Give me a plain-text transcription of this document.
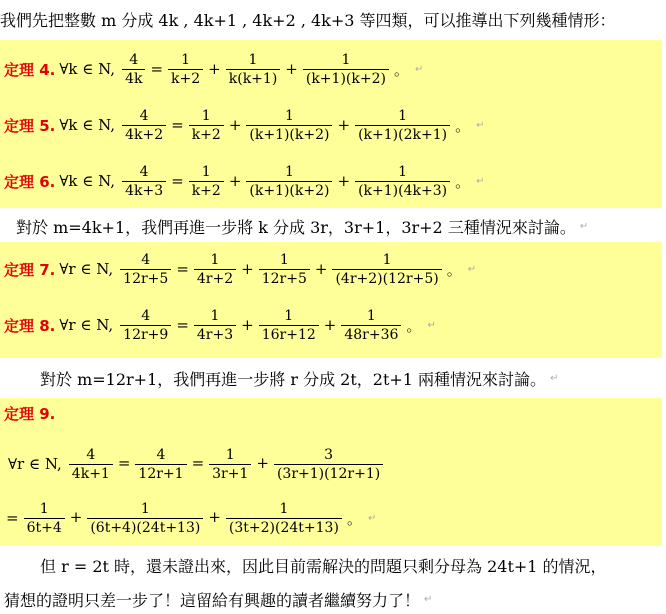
我們先把整數 m 分成 4k , 4k+1 , 4k+2 , 4k+3 等四類，可以推導出下列幾種情形：
定理 4. ∀k ∈ N, $\frac{4}{4k} = \frac{1}{k+2} + \frac{1}{k(k+1)} + \frac{1}{(k+1)(k+2)}$ 。 ↵
定理 5. ∀k ∈ N, $\frac{4}{4k+2} = \frac{1}{k+2} + \frac{1}{(k+1)(k+2)} + \frac{1}{(k+1)(2k+1)}$ 。 ↵
定理 6. ∀k ∈ N, $\frac{4}{4k+3} = \frac{1}{k+2} + \frac{1}{(k+1)(k+2)} + \frac{1}{(k+1)(4k+3)}$ 。 ↵
定理 7. ∀r ∈ N, $\frac{4}{12r+5} = \frac{1}{4r+2} + \frac{1}{12r+5} + \frac{1}{(4r+2)(12r+5)}$ 。 ↵
定理 8. ∀r ∈ N, $\frac{4}{12r+9} = \frac{1}{4r+3} + \frac{1}{16r+12} + \frac{1}{48r+36}$ 。 ↵
對於 m=4k+1，我們再進一步將 k 分成 3r，3r+1，3r+2 三種情況來討論。 ↵
對於 m=12r+1，我們再進一步將 r 分成 2t，2t+1 兩種情況來討論。 ↵
定理 9.
∀r ∈ N, $\frac{4}{4k+1} = \frac{4}{12r+1} = \frac{1}{3r+1} + \frac{3}{(3r+1)(12r+1)}$
= $\frac{1}{6t+4} + \frac{1}{(6t+4)(24t+13)} + \frac{1}{(3t+2)(24t+13)}$ 。 ↵
但 r = 2t 時，還未證出來，因此目前需解決的問題只剩分母為 24t+1 的情況，
猜想的證明只差一步了！這留給有興趣的讀者繼續努力了！ ↵
